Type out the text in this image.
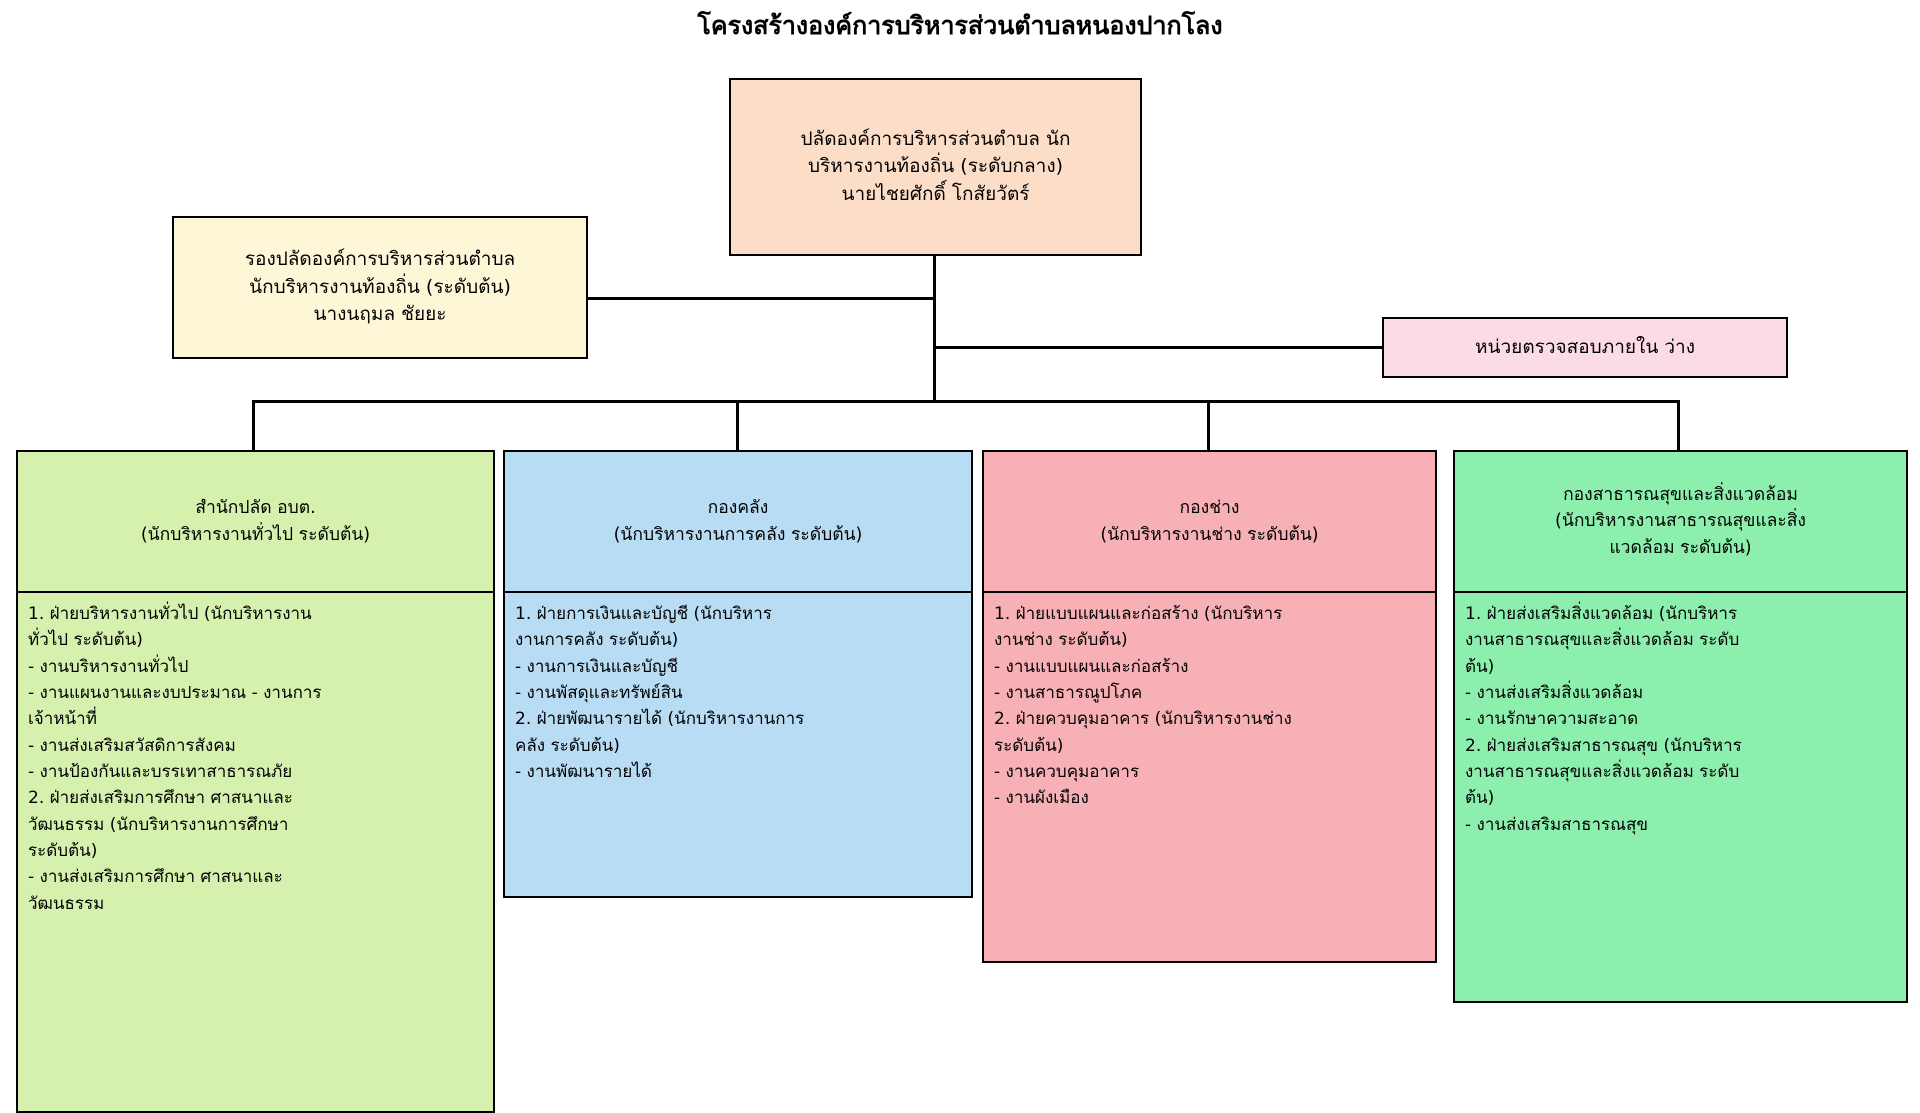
โครงสร้างองค์การบริหารส่วนตำบลหนองปากโลง
ปลัดองค์การบริหารส่วนตำบล นัก
บริหารงานท้องถิ่น (ระดับกลาง)
นายไชยศักดิ์ โกสัยวัตร์
รองปลัดองค์การบริหารส่วนตำบล
นักบริหารงานท้องถิ่น (ระดับต้น)
นางนฤมล ชัยยะ
หน่วยตรวจสอบภายใน ว่าง
สำนักปลัด อบต.
(นักบริหารงานทั่วไป ระดับต้น)
1. ฝ่ายบริหารงานทั่วไป (นักบริหารงาน
ทั่วไป ระดับต้น)
- งานบริหารงานทั่วไป
- งานแผนงานและงบประมาณ - งานการ
เจ้าหน้าที่
- งานส่งเสริมสวัสดิการสังคม
- งานป้องกันและบรรเทาสาธารณภัย
2. ฝ่ายส่งเสริมการศึกษา ศาสนาและ
วัฒนธรรม (นักบริหารงานการศึกษา
ระดับต้น)
- งานส่งเสริมการศึกษา ศาสนาและ
วัฒนธรรม
กองคลัง
(นักบริหารงานการคลัง ระดับต้น)
1. ฝ่ายการเงินและบัญชี (นักบริหาร
งานการคลัง ระดับต้น)
- งานการเงินและบัญชี
- งานพัสดุและทรัพย์สิน
2. ฝ่ายพัฒนารายได้ (นักบริหารงานการ
คลัง ระดับต้น)
- งานพัฒนารายได้
กองช่าง
(นักบริหารงานช่าง ระดับต้น)
1. ฝ่ายแบบแผนและก่อสร้าง (นักบริหาร
งานช่าง ระดับต้น)
- งานแบบแผนและก่อสร้าง
- งานสาธารณูปโภค
2. ฝ่ายควบคุมอาคาร (นักบริหารงานช่าง
ระดับต้น)
- งานควบคุมอาคาร
- งานผังเมือง
กองสาธารณสุขและสิ่งแวดล้อม
(นักบริหารงานสาธารณสุขและสิ่ง
แวดล้อม ระดับต้น)
1. ฝ่ายส่งเสริมสิ่งแวดล้อม (นักบริหาร
งานสาธารณสุขและสิ่งแวดล้อม ระดับ
ต้น)
- งานส่งเสริมสิ่งแวดล้อม
- งานรักษาความสะอาด
2. ฝ่ายส่งเสริมสาธารณสุข (นักบริหาร
งานสาธารณสุขและสิ่งแวดล้อม ระดับ
ต้น)
- งานส่งเสริมสาธารณสุข
